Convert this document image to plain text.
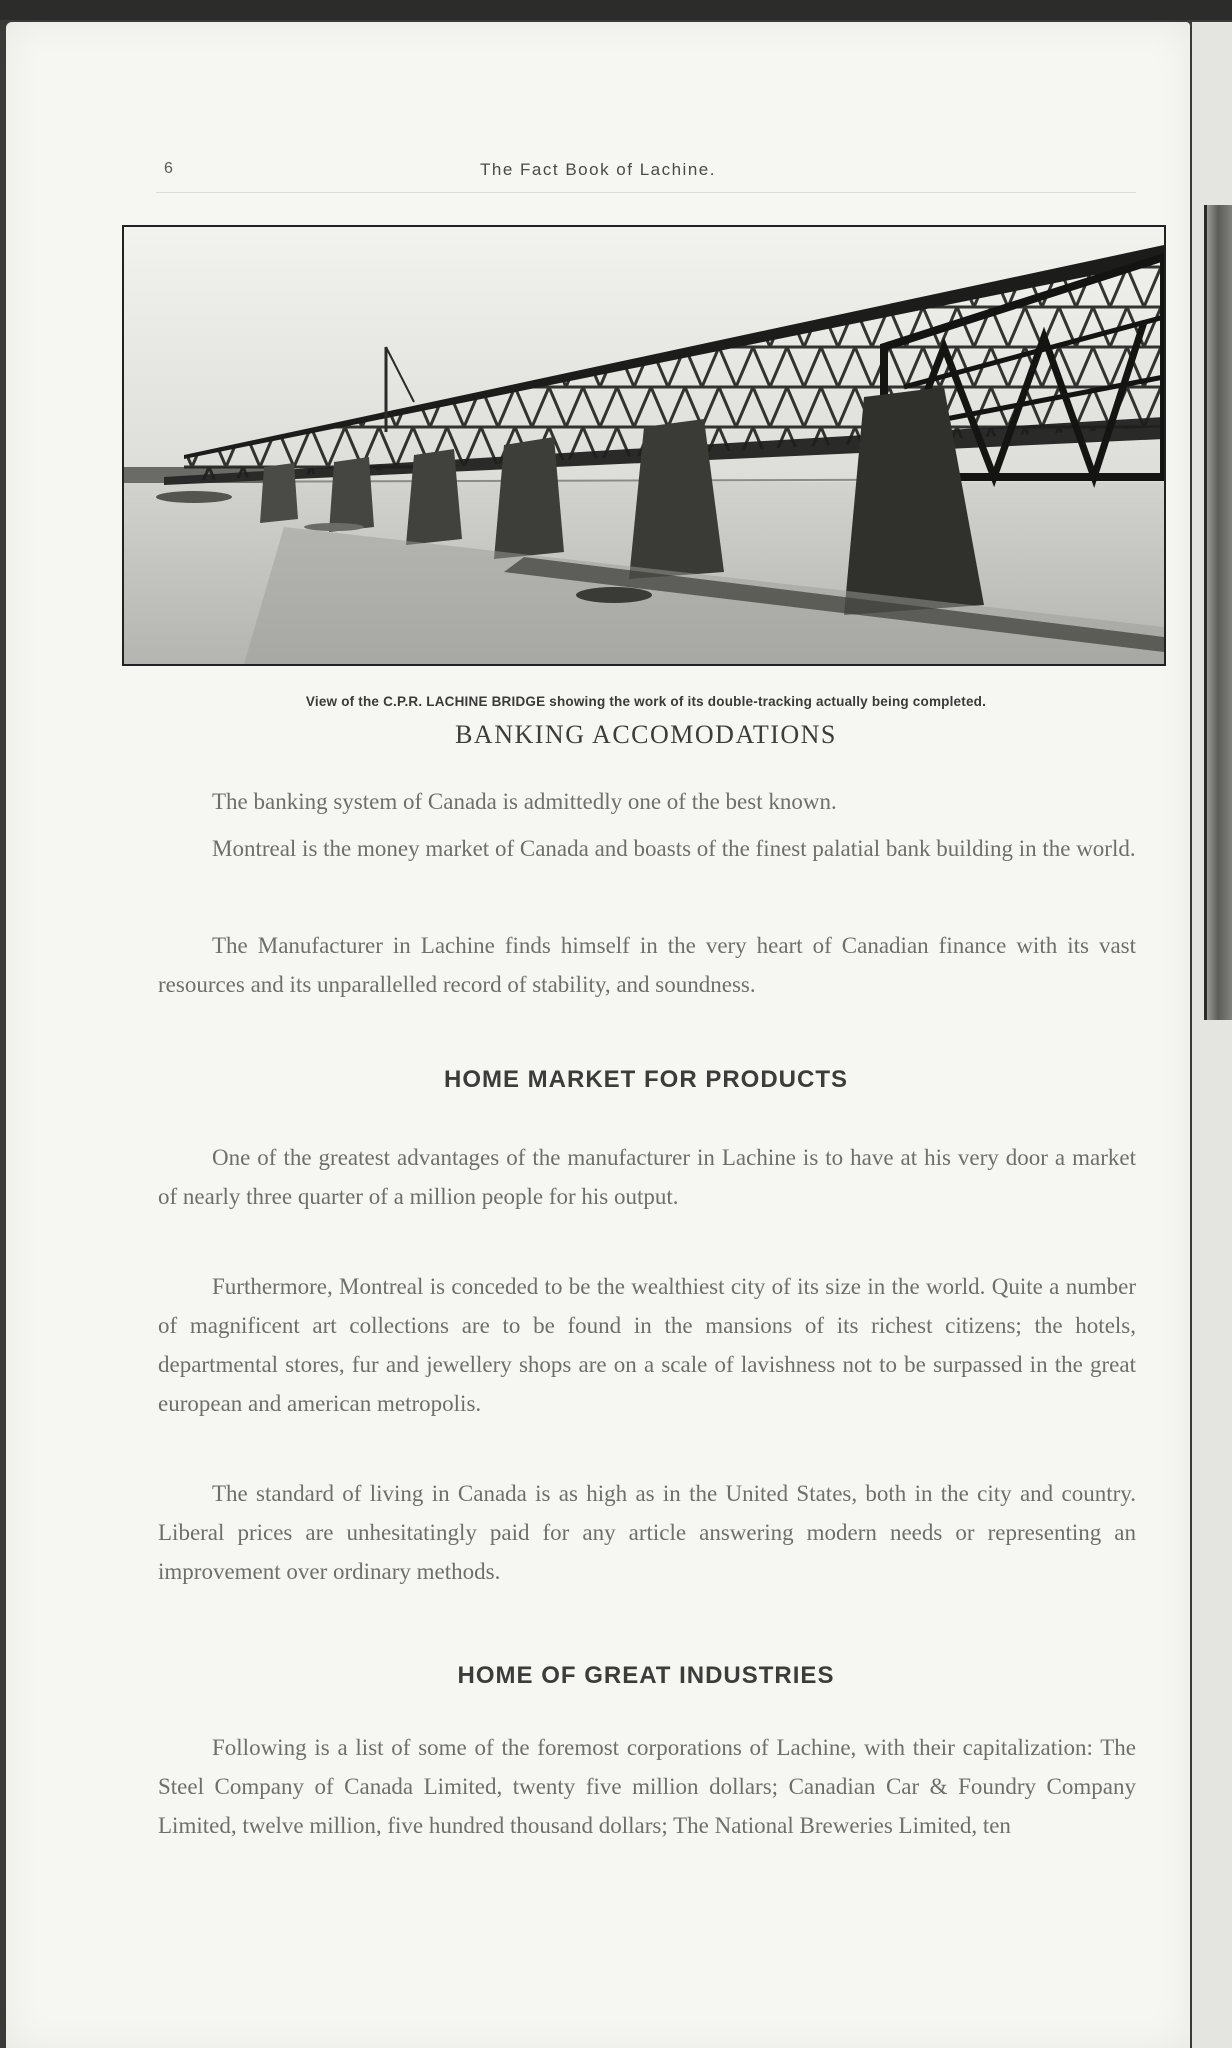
6	The Fact Book of Lachine.
View of the C.P.R. LACHINE BRIDGE showing the work of its double-tracking actually being completed.
BANKING ACCOMODATIONS

The banking system of Canada is admittedly one of the best known.

Montreal is the money market of Canada and boasts of the finest palatial bank building in the world.

The Manufacturer in Lachine finds himself in the very heart of Canadian finance with its vast resources and its unparallelled record of stability, and soundness.

HOME MARKET FOR PRODUCTS

One of the greatest advantages of the manufacturer in Lachine is to have at his very door a market of nearly three quarter of a million people for his output.

Furthermore, Montreal is conceded to be the wealthiest city of its size in the world. Quite a number of magnificent art collections are to be found in the mansions of its richest citizens; the hotels, departmental stores, fur and jewellery shops are on a scale of lavishness not to be surpassed in the great european and american metropolis.

The standard of living in Canada is as high as in the United States, both in the city and country. Liberal prices are unhesitatingly paid for any article answering modern needs or representing an improvement over ordinary methods.

HOME OF GREAT INDUSTRIES

Following is a list of some of the foremost corporations of Lachine, with their capitalization: The Steel Company of Canada Limited, twenty five million dollars; Canadian Car & Foundry Company Limited, twelve million, five hundred thousand dollars; The National Breweries Limited, ten
